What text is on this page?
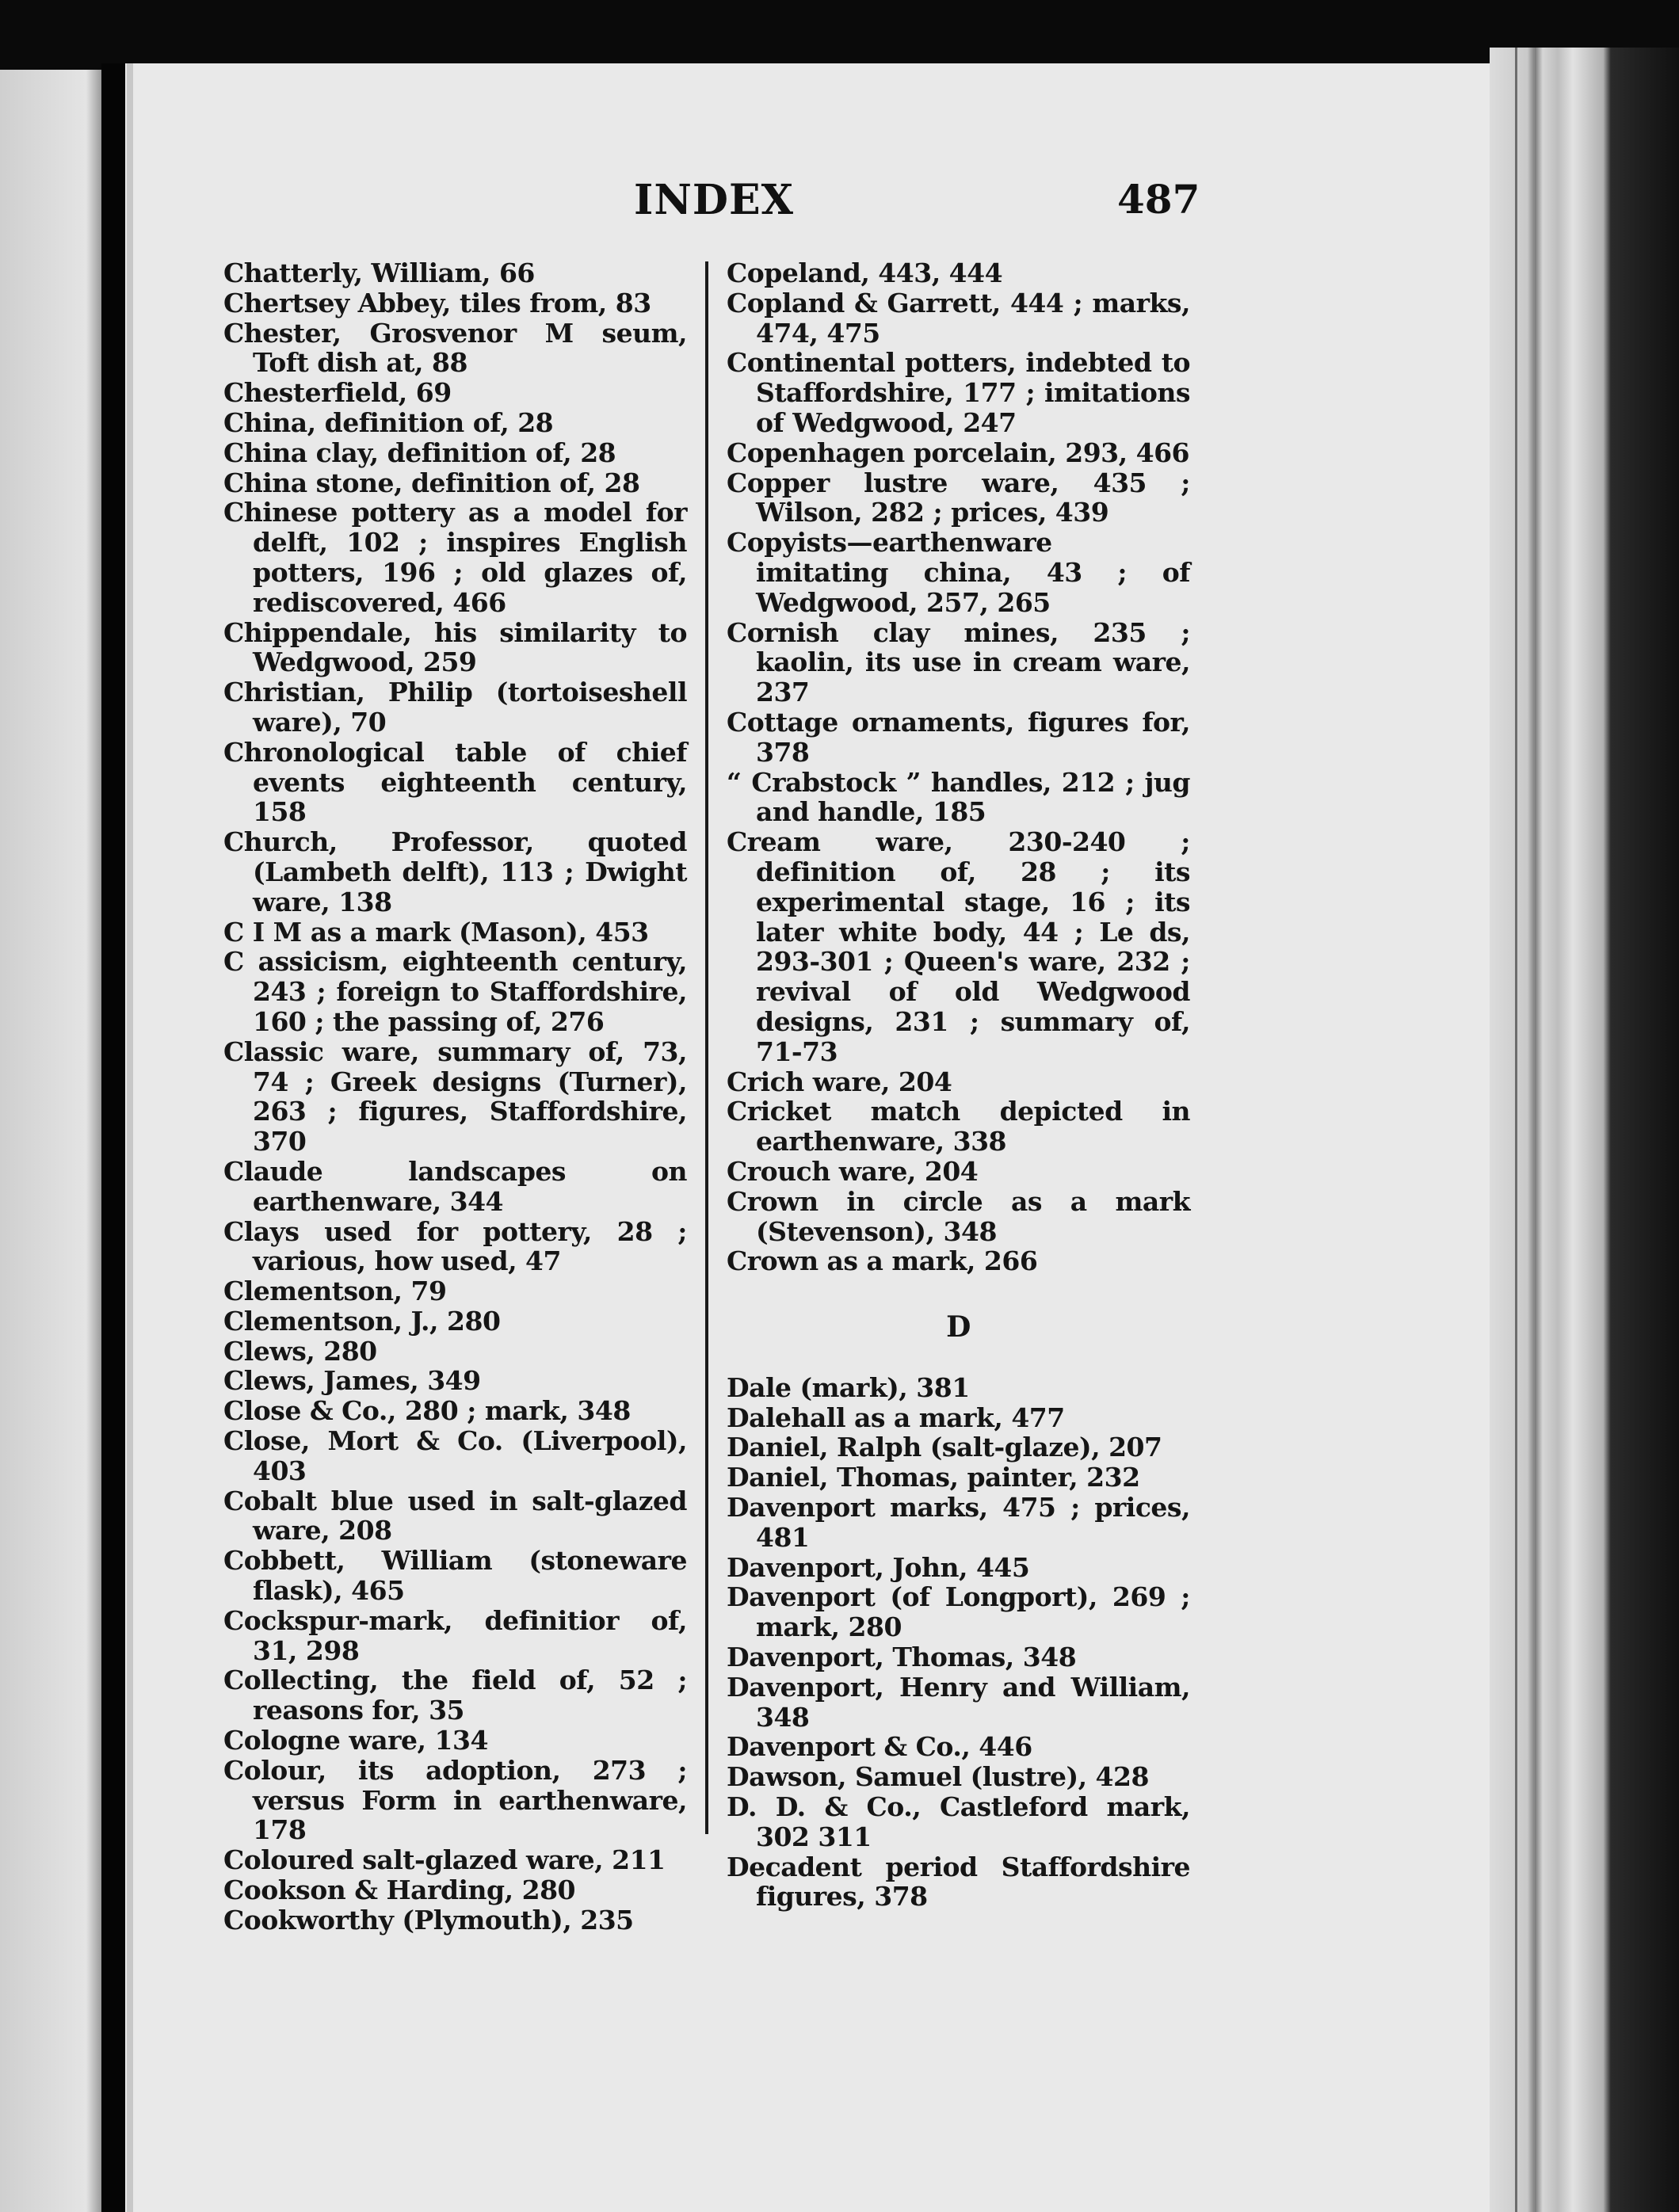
INDEX	487
Chatterly, William, 66
Chertsey Abbey, tiles from, 83
Chester, Grosvenor M seum, Toft dish at, 88
Chesterfield, 69
China, definition of, 28
China clay, definition of, 28
China stone, definition of, 28
Chinese pottery as a model for delft, 102 ; inspires English potters, 196 ; old glazes of, rediscovered, 466
Chippendale, his similarity to Wedgwood, 259
Christian, Philip (tortoiseshell ware), 70
Chronological table of chief events eighteenth century, 158
Church, Professor, quoted (Lambeth delft), 113 ; Dwight ware, 138
C I M as a mark (Mason), 453
C assicism, eighteenth century, 243 ; foreign to Staffordshire, 160 ; the passing of, 276
Classic ware, summary of, 73, 74 ; Greek designs (Turner), 263 ; figures, Staffordshire, 370
Claude landscapes on earthenware, 344
Clays used for pottery, 28 ; various, how used, 47
Clementson, 79
Clementson, J., 280
Clews, 280
Clews, James, 349
Close & Co., 280 ; mark, 348
Close, Mort & Co. (Liverpool), 403
Cobalt blue used in salt-glazed ware, 208
Cobbett, William (stoneware flask), 465
Cockspur-mark, definitior of, 31, 298
Collecting, the field of, 52 ; reasons for, 35
Cologne ware, 134
Colour, its adoption, 273 ; versus Form in earthenware, 178
Coloured salt-glazed ware, 211
Cookson & Harding, 280
Cookworthy (Plymouth), 235
Copeland, 443, 444
Copland & Garrett, 444 ; marks, 474, 475
Continental potters, indebted to Staffordshire, 177 ; imitations of Wedgwood, 247
Copenhagen porcelain, 293, 466
Copper lustre ware, 435 ; Wilson, 282 ; prices, 439
Copyists—earthenware imitating china, 43 ; of Wedgwood, 257, 265
Cornish clay mines, 235 ; kaolin, its use in cream ware, 237
Cottage ornaments, figures for, 378
“ Crabstock ” handles, 212 ; jug and handle, 185
Cream ware, 230-240 ; definition of, 28 ; its experimental stage, 16 ; its later white body, 44 ; Le ds, 293-301 ; Queen's ware, 232 ; revival of old Wedgwood designs, 231 ; summary of, 71-73
Crich ware, 204
Cricket match depicted in earthenware, 338
Crouch ware, 204
Crown in circle as a mark (Stevenson), 348
Crown as a mark, 266
D
Dale (mark), 381
Dalehall as a mark, 477
Daniel, Ralph (salt-glaze), 207
Daniel, Thomas, painter, 232
Davenport marks, 475 ; prices, 481
Davenport, John, 445
Davenport (of Longport), 269 ; mark, 280
Davenport, Thomas, 348
Davenport, Henry and William, 348
Davenport & Co., 446
Dawson, Samuel (lustre), 428
D. D. & Co., Castleford mark, 302 311
Decadent period Staffordshire figures, 378
